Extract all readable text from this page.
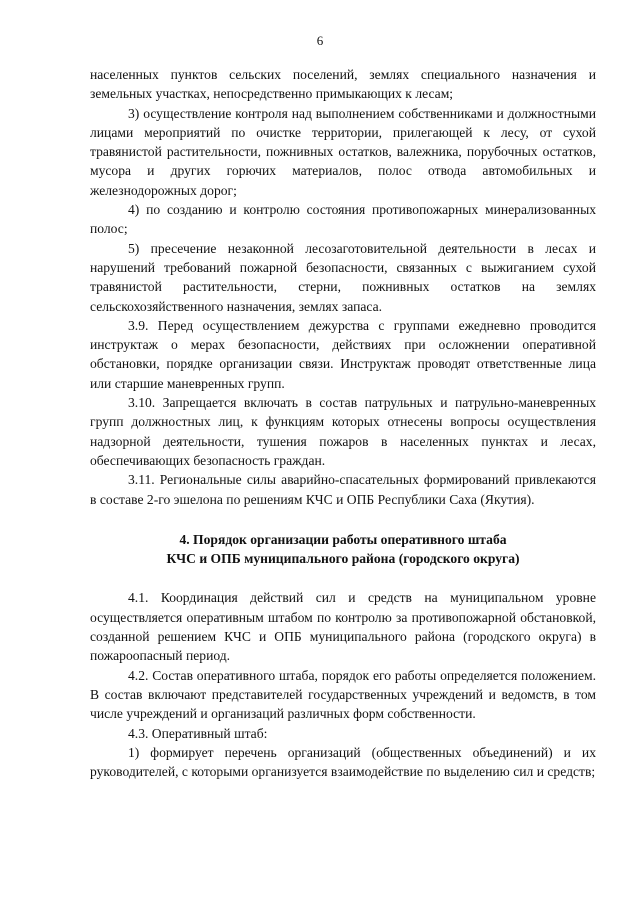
6

населенных пунктов сельских поселений, землях специального назначения и земельных участках, непосредственно примыкающих к лесам;

3) осуществление контроля над выполнением собственниками и должностными лицами мероприятий по очистке территории, прилегающей к лесу, от сухой травянистой растительности, пожнивных остатков, валежника, порубочных остатков, мусора и других горючих материалов, полос отвода автомобильных и железнодорожных дорог;

4) по созданию и контролю состояния противопожарных минерализованных полос;

5) пресечение незаконной лесозаготовительной деятельности в лесах и нарушений требований пожарной безопасности, связанных с выжиганием сухой травянистой растительности, стерни, пожнивных остатков на землях сельскохозяйственного назначения, землях запаса.

3.9. Перед осуществлением дежурства с группами ежедневно проводится инструктаж о мерах безопасности, действиях при осложнении оперативной обстановки, порядке организации связи. Инструктаж проводят ответственные лица или старшие маневренных групп.

3.10. Запрещается включать в состав патрульных и патрульно-маневренных групп должностных лиц, к функциям которых отнесены вопросы осуществления надзорной деятельности, тушения пожаров в населенных пунктах и лесах, обеспечивающих безопасность граждан.

3.11. Региональные силы аварийно-спасательных формирований привлекаются в составе 2-го эшелона по решениям КЧС и ОПБ Республики Саха (Якутия).

4. Порядок организации работы оперативного штаба

КЧС и ОПБ муниципального района (городского округа)

4.1. Координация действий сил и средств на муниципальном уровне осуществляется оперативным штабом по контролю за противопожарной обстановкой, созданной решением КЧС и ОПБ муниципального района (городского округа) в пожароопасный период.

4.2. Состав оперативного штаба, порядок его работы определяется положением. В состав включают представителей государственных учреждений и ведомств, в том числе учреждений и организаций различных форм собственности.

4.3. Оперативный штаб:

1) формирует перечень организаций (общественных объединений) и их руководителей, с которыми организуется взаимодействие по выделению сил и средств;
